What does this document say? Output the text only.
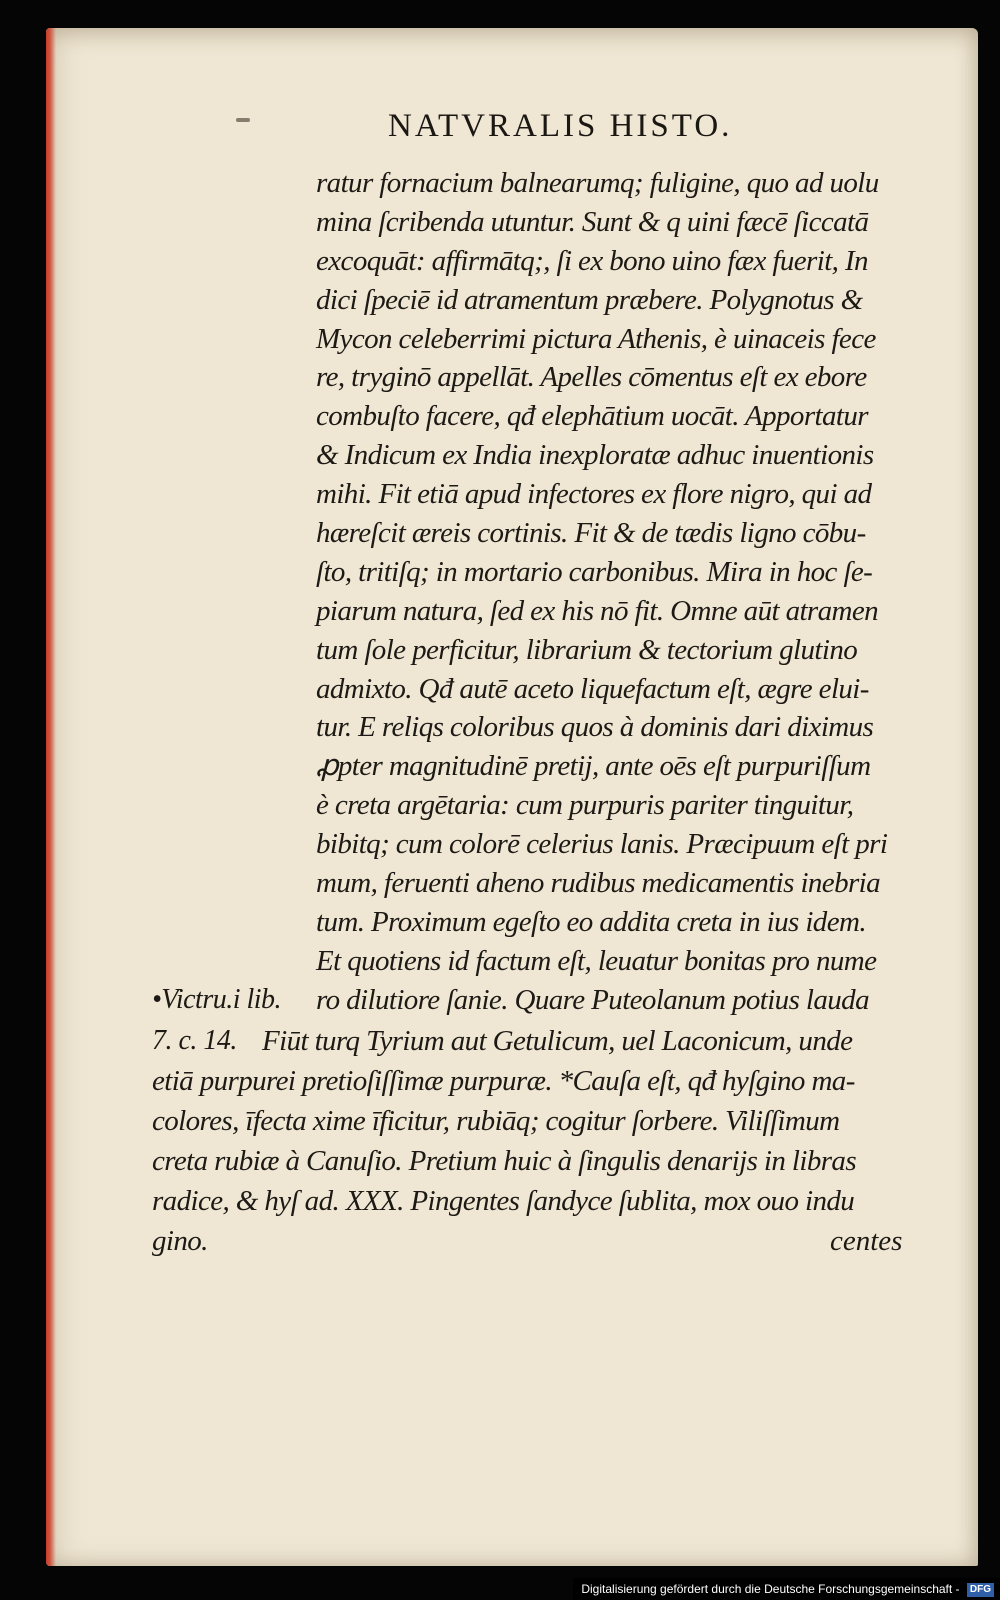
NATVRALIS HISTO.
ratur fornacium balnearumq; fuligine, quo ad uolu
mina ſcribenda utuntur. Sunt & q uini fæcē ſiccatā
excoquāt: affirmātq;, ſi ex bono uino fæx fuerit, In
dici ſpeciē id atramentum præbere. Polygnotus &
Mycon celeberrimi pictura Athenis, è uinaceis fece
re, tryginō appellāt. Apelles cōmentus eſt ex ebore
combuſto facere, qđ elephātium uocāt. Apportatur
& Indicum ex India inexploratæ adhuc inuentionis
mihi. Fit etiā apud infectores ex flore nigro, qui ad
hæreſcit æreis cortinis. Fit & de tædis ligno cōbu-
ſto, tritiſq; in mortario carbonibus. Mira in hoc ſe-
piarum natura, ſed ex his nō fit. Omne aūt atramen
tum ſole perficitur, librarium & tectorium glutino
admixto. Qđ autē aceto liquefactum eſt, ægre elui-
tur. E reliqs coloribus quos à dominis dari diximus
ꝓpter magnitudinē pretij, ante oēs eſt purpuriſſum
è creta argētaria: cum purpuris pariter tinguitur,
bibitq; cum colorē celerius lanis. Præcipuum eſt pri
mum, feruenti aheno rudibus medicamentis inebria
tum. Proximum egeſto eo addita creta in ius idem.
Et quotiens id factum eſt, leuatur bonitas pro nume
•Victru.i lib. ro dilutiore ſanie. Quare Puteolanum potius lauda
7. c. 14. Fiūt turq Tyrium aut Getulicum, uel Laconicum, unde
etiā purpurei pretioſiſſimæ purpuræ. *Cauſa eſt, qđ hyſgino ma-
colores, īfecta xime īficitur, rubiāq; cogitur ſorbere. Viliſſimum
creta rubiæ à Canuſio. Pretium huic à ſingulis denarijs in libras
radice, & hyſ ad. XXX. Pingentes ſandyce ſublita, mox ouo indu
gino.	centes
Digitalisierung gefördert durch die Deutsche Forschungsgemeinschaft - DFG
